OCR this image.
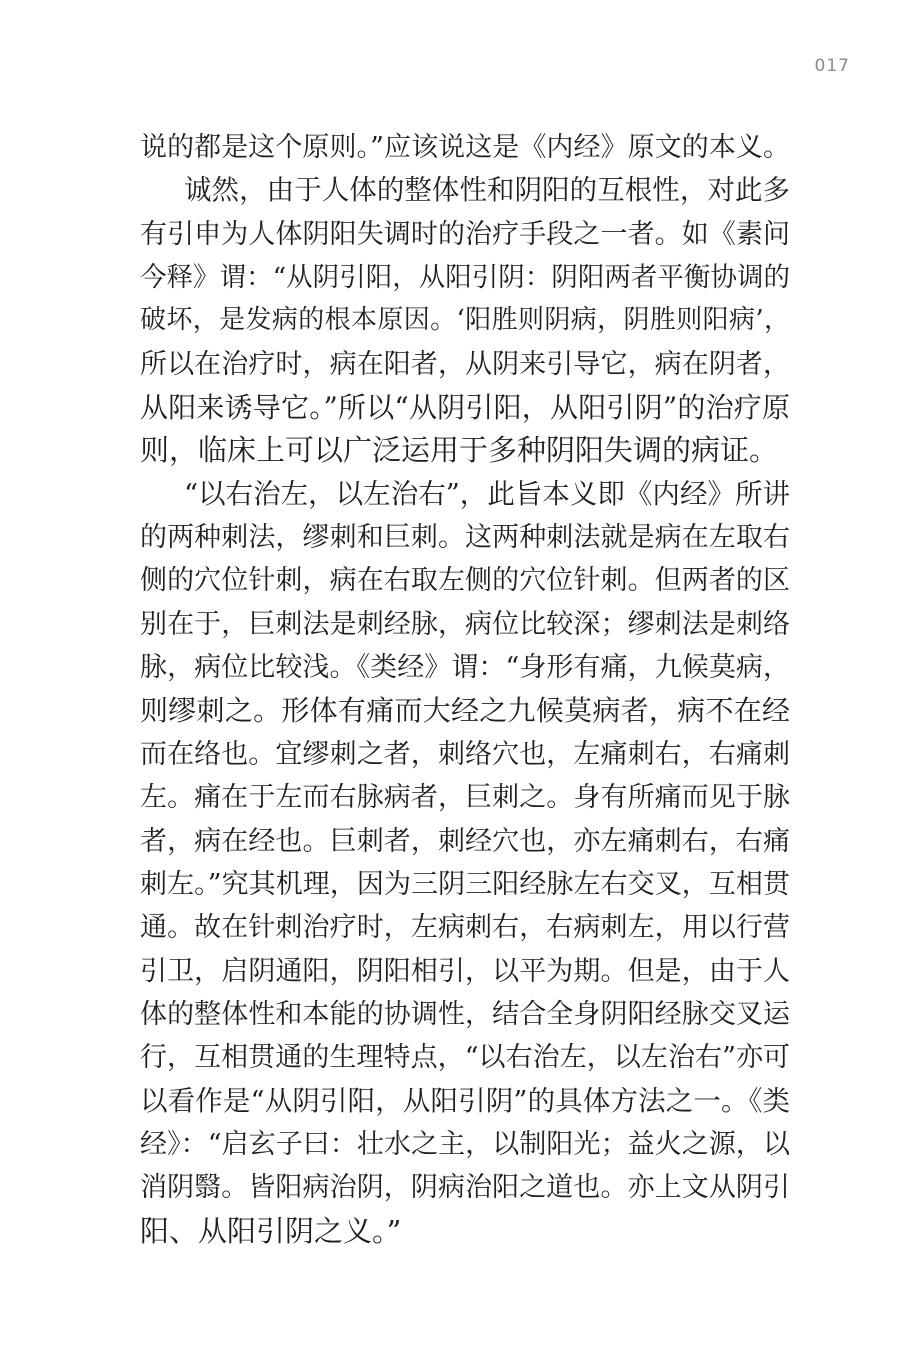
017
说的都是这个原则。”应该说这是《内经》原文的本义。
诚然，由于人体的整体性和阴阳的互根性，对此多
有引申为人体阴阳失调时的治疗手段之一者。如《素问
今释》谓：“从阴引阳，从阳引阴：阴阳两者平衡协调的
破坏，是发病的根本原因。‘阳胜则阴病，阴胜则阳病’，
所以在治疗时，病在阳者，从阴来引导它，病在阴者，
从阳来诱导它。”所以“从阴引阳，从阳引阴”的治疗原
则，临床上可以广泛运用于多种阴阳失调的病证。
“以右治左，以左治右”，此旨本义即《内经》所讲
的两种刺法，缪刺和巨刺。这两种刺法就是病在左取右
侧的穴位针刺，病在右取左侧的穴位针刺。但两者的区
别在于，巨刺法是刺经脉，病位比较深；缪刺法是刺络
脉，病位比较浅。《类经》谓：“身形有痛，九候莫病，
则缪刺之。形体有痛而大经之九候莫病者，病不在经
而在络也。宜缪刺之者，刺络穴也，左痛刺右，右痛刺
左。痛在于左而右脉病者，巨刺之。身有所痛而见于脉
者，病在经也。巨刺者，刺经穴也，亦左痛刺右，右痛
刺左。”究其机理，因为三阴三阳经脉左右交叉，互相贯
通。故在针刺治疗时，左病刺右，右病刺左，用以行营
引卫，启阴通阳，阴阳相引，以平为期。但是，由于人
体的整体性和本能的协调性，结合全身阴阳经脉交叉运
行，互相贯通的生理特点，“以右治左，以左治右”亦可
以看作是“从阴引阳，从阳引阴”的具体方法之一。《类
经》：“启玄子曰：壮水之主，以制阳光；益火之源，以
消阴翳。皆阳病治阴，阴病治阳之道也。亦上文从阴引
阳、从阳引阴之义。”
